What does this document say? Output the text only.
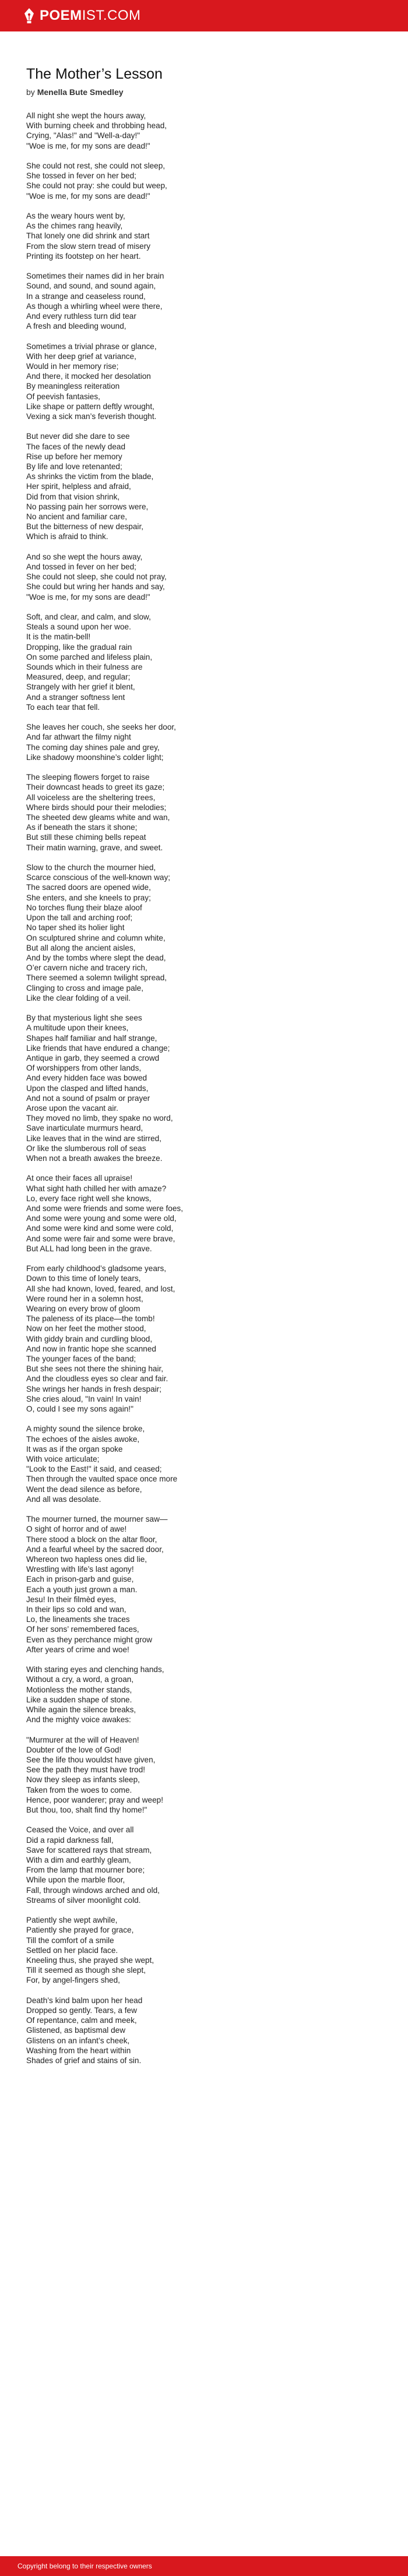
POEMIST.COM
The Mother’s Lesson
by Menella Bute Smedley
All night she wept the hours away,
With burning cheek and throbbing head,
Crying, "Alas!" and "Well-a-day!"
"Woe is me, for my sons are dead!"
She could not rest, she could not sleep,
She tossed in fever on her bed;
She could not pray: she could but weep,
"Woe is me, for my sons are dead!"
As the weary hours went by,
As the chimes rang heavily,
That lonely one did shrink and start
From the slow stern tread of misery
Printing its footstep on her heart.
Sometimes their names did in her brain
Sound, and sound, and sound again,
In a strange and ceaseless round,
As though a whirling wheel were there,
And every ruthless turn did tear
A fresh and bleeding wound,
Sometimes a trivial phrase or glance,
With her deep grief at variance,
Would in her memory rise;
And there, it mocked her desolation
By meaningless reiteration
Of peevish fantasies,
Like shape or pattern deftly wrought,
Vexing a sick man’s feverish thought.
But never did she dare to see
The faces of the newly dead
Rise up before her memory
By life and love retenanted;
As shrinks the victim from the blade,
Her spirit, helpless and afraid,
Did from that vision shrink,
No passing pain her sorrows were,
No ancient and familiar care,
But the bitterness of new despair,
Which is afraid to think.
And so she wept the hours away,
And tossed in fever on her bed;
She could not sleep, she could not pray,
She could but wring her hands and say,
"Woe is me, for my sons are dead!"
Soft, and clear, and calm, and slow,
Steals a sound upon her woe.
It is the matin-bell!
Dropping, like the gradual rain
On some parched and lifeless plain,
Sounds which in their fulness are
Measured, deep, and regular;
Strangely with her grief it blent,
And a stranger softness lent
To each tear that fell.
She leaves her couch, she seeks her door,
And far athwart the filmy night
The coming day shines pale and grey,
Like shadowy moonshine’s colder light;
The sleeping flowers forget to raise
Their downcast heads to greet its gaze;
All voiceless are the sheltering trees,
Where birds should pour their melodies;
The sheeted dew gleams white and wan,
As if beneath the stars it shone;
But still these chiming bells repeat
Their matin warning, grave, and sweet.
Slow to the church the mourner hied,
Scarce conscious of the well-known way;
The sacred doors are opened wide,
She enters, and she kneels to pray;
No torches flung their blaze aloof
Upon the tall and arching roof;
No taper shed its holier light
On sculptured shrine and column white,
But all along the ancient aisles,
And by the tombs where slept the dead,
O’er cavern niche and tracery rich,
There seemed a solemn twilight spread,
Clinging to cross and image pale,
Like the clear folding of a veil.
By that mysterious light she sees
A multitude upon their knees,
Shapes half familiar and half strange,
Like friends that have endured a change;
Antique in garb, they seemed a crowd
Of worshippers from other lands,
And every hidden face was bowed
Upon the clasped and lifted hands,
And not a sound of psalm or prayer
Arose upon the vacant air.
They moved no limb, they spake no word,
Save inarticulate murmurs heard,
Like leaves that in the wind are stirred,
Or like the slumberous roll of seas
When not a breath awakes the breeze.
At once their faces all upraise!
What sight hath chilled her with amaze?
Lo, every face right well she knows,
And some were friends and some were foes,
And some were young and some were old,
And some were kind and some were cold,
And some were fair and some were brave,
But ALL had long been in the grave.
From early childhood’s gladsome years,
Down to this time of lonely tears,
All she had known, loved, feared, and lost,
Were round her in a solemn host,
Wearing on every brow of gloom
The paleness of its place—the tomb!
Now on her feet the mother stood,
With giddy brain and curdling blood,
And now in frantic hope she scanned
The younger faces of the band;
But she sees not there the shining hair,
And the cloudless eyes so clear and fair.
She wrings her hands in fresh despair;
She cries aloud, "In vain! In vain!
O, could I see my sons again!"
A mighty sound the silence broke,
The echoes of the aisles awoke,
It was as if the organ spoke
With voice articulate;
"Look to the East!" it said, and ceased;
Then through the vaulted space once more
Went the dead silence as before,
And all was desolate.
The mourner turned, the mourner saw—
O sight of horror and of awe!
There stood a block on the altar floor,
And a fearful wheel by the sacred door,
Whereon two hapless ones did lie,
Wrestling with life’s last agony!
Each in prison-garb and guise,
Each a youth just grown a man.
Jesu! In their filmèd eyes,
In their lips so cold and wan,
Lo, the lineaments she traces
Of her sons’ remembered faces,
Even as they perchance might grow
After years of crime and woe!
With staring eyes and clenching hands,
Without a cry, a word, a groan,
Motionless the mother stands,
Like a sudden shape of stone.
While again the silence breaks,
And the mighty voice awakes:
"Murmurer at the will of Heaven!
Doubter of the love of God!
See the life thou wouldst have given,
See the path they must have trod!
Now they sleep as infants sleep,
Taken from the woes to come.
Hence, poor wanderer; pray and weep!
But thou, too, shalt find thy home!"
Ceased the Voice, and over all
Did a rapid darkness fall,
Save for scattered rays that stream,
With a dim and earthly gleam,
From the lamp that mourner bore;
While upon the marble floor,
Fall, through windows arched and old,
Streams of silver moonlight cold.
Patiently she wept awhile,
Patiently she prayed for grace,
Till the comfort of a smile
Settled on her placid face.
Kneeling thus, she prayed she wept,
Till it seemed as though she slept,
For, by angel-fingers shed,
Death’s kind balm upon her head
Dropped so gently. Tears, a few
Of repentance, calm and meek,
Glistened, as baptismal dew
Glistens on an infant’s cheek,
Washing from the heart within
Shades of grief and stains of sin.
Copyright belong to their respective owners
